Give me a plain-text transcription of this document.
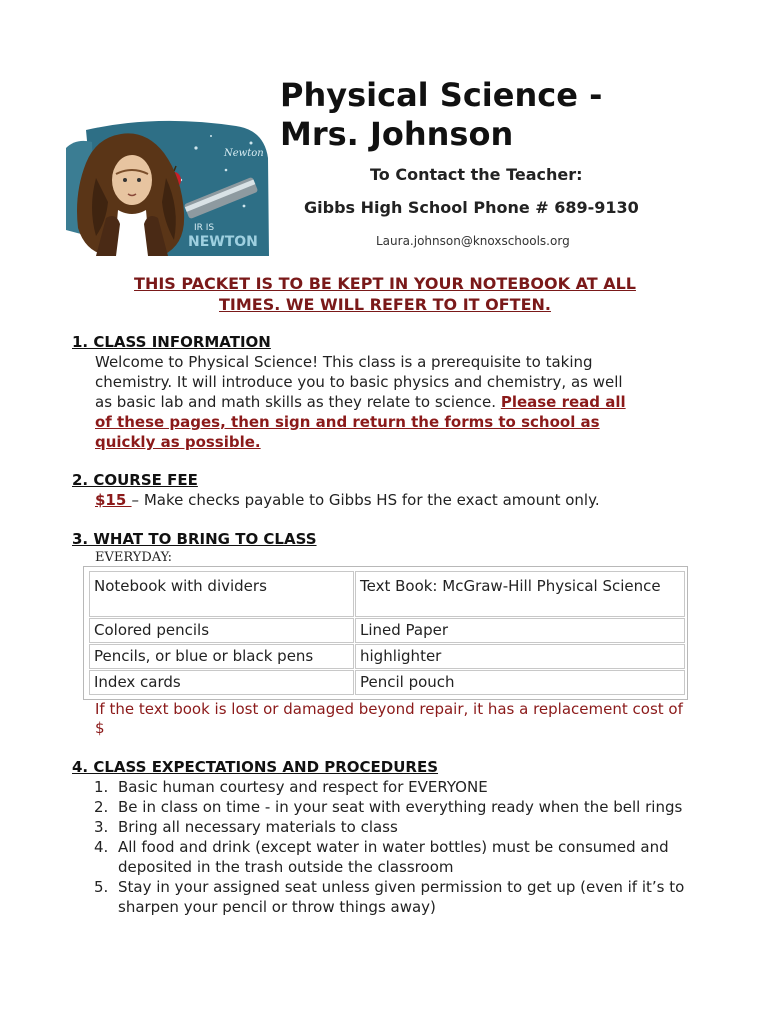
Newton
IR IS
NEWTON
Physical Science -
Mrs. Johnson
To Contact the Teacher:
Gibbs High School Phone # 689-9130
Laura.johnson@knoxschools.org
THIS PACKET IS TO BE KEPT IN YOUR NOTEBOOK AT ALL
TIMES. WE WILL REFER TO IT OFTEN.
1. CLASS INFORMATION
Welcome to Physical Science! This class is a prerequisite to taking
chemistry. It will introduce you to basic physics and chemistry, as well
as basic lab and math skills as they relate to science. Please read all
of these pages, then sign and return the forms to school as
quickly as possible.
2. COURSE FEE
$15 – Make checks payable to Gibbs HS for the exact amount only.
3. WHAT TO BRING TO CLASS
EVERYDAY:
Notebook with dividers	Text Book: McGraw-Hill Physical Science
Colored pencils	Lined Paper
Pencils, or blue or black pens	highlighter
Index cards	Pencil pouch
If the text book is lost or damaged beyond repair, it has a replacement cost of $
4. CLASS EXPECTATIONS AND PROCEDURES
1. Basic human courtesy and respect for EVERYONE
2. Be in class on time - in your seat with everything ready when the bell rings
3. Bring all necessary materials to class
4. All food and drink (except water in water bottles) must be consumed and deposited in the trash outside the classroom
5. Stay in your assigned seat unless given permission to get up (even if it’s to sharpen your pencil or throw things away)
